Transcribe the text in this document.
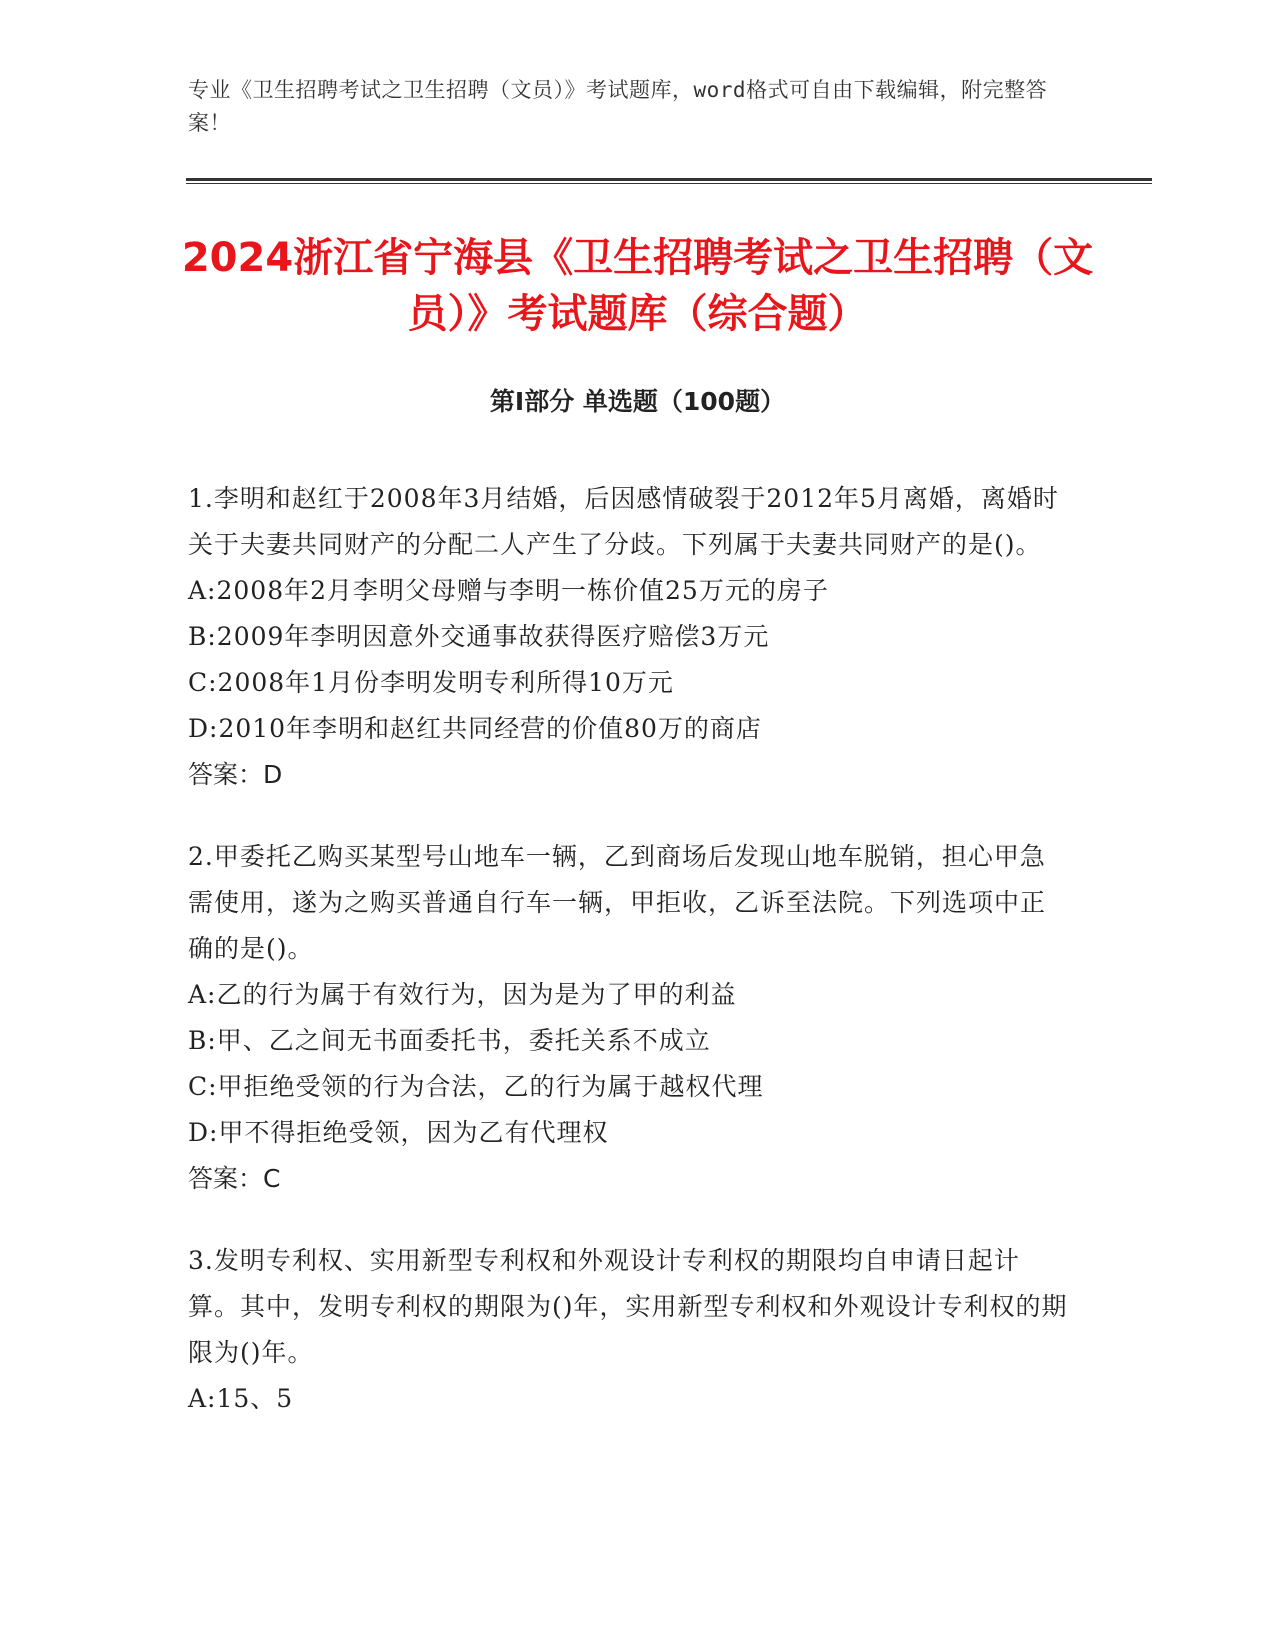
专业《卫生招聘考试之卫生招聘（文员）》考试题库，word格式可自由下载编辑，附完整答案！
2024浙江省宁海县《卫生招聘考试之卫生招聘（文员）》考试题库（综合题）
第I部分 单选题（100题）
1.李明和赵红于2008年3月结婚，后因感情破裂于2012年5月离婚，离婚时关于夫妻共同财产的分配二人产生了分歧。下列属于夫妻共同财产的是()。
A:2008年2月李明父母赠与李明一栋价值25万元的房子
B:2009年李明因意外交通事故获得医疗赔偿3万元
C:2008年1月份李明发明专利所得10万元
D:2010年李明和赵红共同经营的价值80万的商店
答案：D
2.甲委托乙购买某型号山地车一辆，乙到商场后发现山地车脱销，担心甲急需使用，遂为之购买普通自行车一辆，甲拒收，乙诉至法院。下列选项中正确的是()。
A:乙的行为属于有效行为，因为是为了甲的利益
B:甲、乙之间无书面委托书，委托关系不成立
C:甲拒绝受领的行为合法，乙的行为属于越权代理
D:甲不得拒绝受领，因为乙有代理权
答案：C
3.发明专利权、实用新型专利权和外观设计专利权的期限均自申请日起计算。其中，发明专利权的期限为()年，实用新型专利权和外观设计专利权的期限为()年。
A:15、5
